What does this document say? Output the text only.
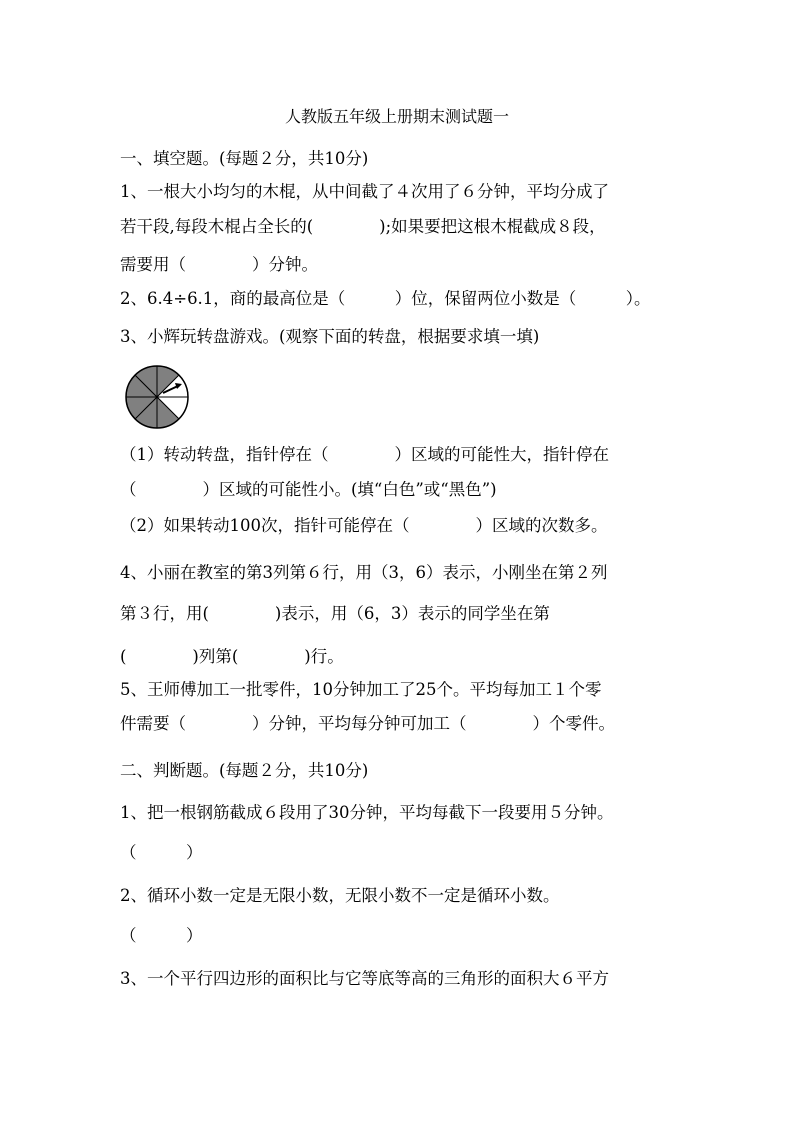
人教版五年级上册期末测试题一
一、填空题。(每题２分，共10分)
1、一根大小均匀的木棍，从中间截了４次用了６分钟，平均分成了
若干段,每段木棍占全长的(　　　　);如果要把这根木棍截成８段，
需要用（　　　　）分钟。
2、6.4÷6.1，商的最高位是（　　　）位，保留两位小数是（　　　）。
3、小辉玩转盘游戏。(观察下面的转盘，根据要求填一填)
（1）转动转盘，指针停在（　　　　）区域的可能性大，指针停在
（　　　　）区域的可能性小。(填“白色”或“黑色”)
（2）如果转动100次，指针可能停在（　　　　）区域的次数多。
4、小丽在教室的第3列第６行，用（3，6）表示，小刚坐在第２列
第３行，用(　　　　)表示，用（6，3）表示的同学坐在第
(　　　　)列第(　　　　)行。
5、王师傅加工一批零件，10分钟加工了25个。平均每加工１个零
件需要（　　　　）分钟，平均每分钟可加工（　　　　）个零件。
二、判断题。(每题２分，共10分)
1、把一根钢筋截成６段用了30分钟，平均每截下一段要用５分钟。
（　　　）
2、循环小数一定是无限小数，无限小数不一定是循环小数。
（　　　）
3、一个平行四边形的面积比与它等底等高的三角形的面积大６平方
